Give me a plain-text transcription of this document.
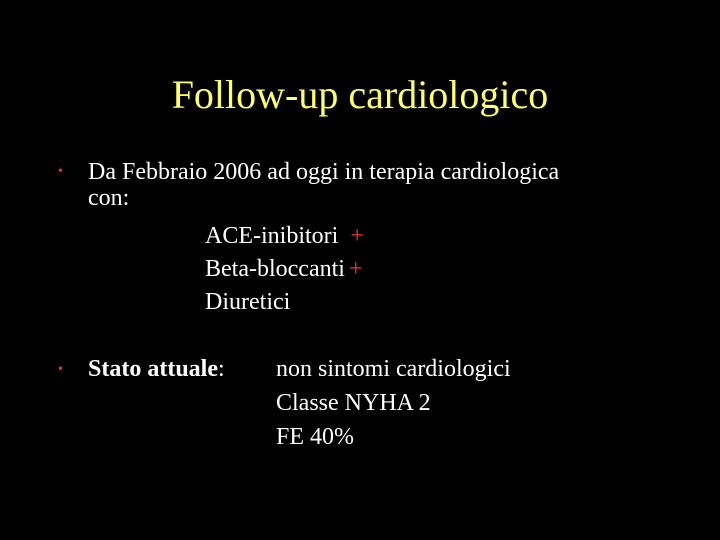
Follow-up cardiologico
• Da Febbraio 2006 ad oggi in terapia cardiologica
con:
ACE-inibitori +
Beta-bloccanti +
Diuretici
• Stato attuale: non sintomi cardiologici
Classe NYHA 2
FE 40%
